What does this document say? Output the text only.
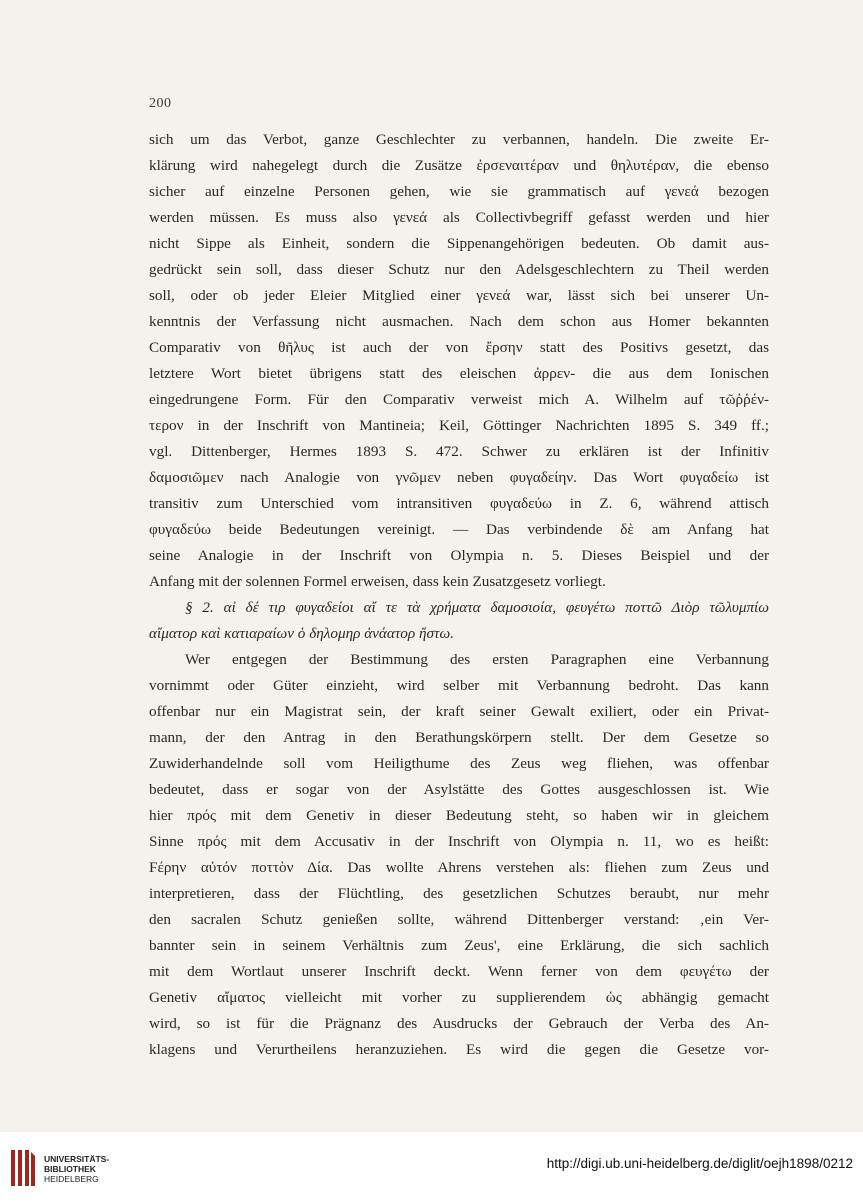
200
sich um das Verbot, ganze Geschlechter zu verbannen, handeln. Die zweite Er-
klärung wird nahegelegt durch die Zusätze ἐρσεναιτέραν und θηλυτέραν, die ebenso
sicher auf einzelne Personen gehen, wie sie grammatisch auf γενεά bezogen
werden müssen. Es muss also γενεά als Collectivbegriff gefasst werden und hier
nicht Sippe als Einheit, sondern die Sippenangehörigen bedeuten. Ob damit aus-
gedrückt sein soll, dass dieser Schutz nur den Adelsgeschlechtern zu Theil werden
soll, oder ob jeder Eleier Mitglied einer γενεά war, lässt sich bei unserer Un-
kenntnis der Verfassung nicht ausmachen. Nach dem schon aus Homer bekannten
Comparativ von θῆλυς ist auch der von ἔρσην statt des Positivs gesetzt, das
letztere Wort bietet übrigens statt des eleischen ἀρρεν- die aus dem Ionischen
eingedrungene Form. Für den Comparativ verweist mich A. Wilhelm auf τῶῤῥέν-
τερον in der Inschrift von Mantineia; Keil, Göttinger Nachrichten 1895 S. 349 ff.;
vgl. Dittenberger, Hermes 1893 S. 472. Schwer zu erklären ist der Infinitiv
δαμοσιῶμεν nach Analogie von γνῶμεν neben φυγαδείην. Das Wort φυγαδείω ist
transitiv zum Unterschied vom intransitiven φυγαδεύω in Z. 6, während attisch
φυγαδεύω beide Bedeutungen vereinigt. — Das verbindende δὲ am Anfang hat
seine Analogie in der Inschrift von Olympia n. 5. Dieses Beispiel und der
Anfang mit der solennen Formel erweisen, dass kein Zusatzgesetz vorliegt.
§ 2. αἰ δέ τιρ φυγαδείοι αἴ τε τὰ χρήματα δαμοσιοία, φευγέτω ποττῶ Διὸρ τῶλυμπίω
αἴματορ καὶ κατιαραίων ὁ δηλομηρ ἀνάατορ ἤστω.
Wer entgegen der Bestimmung des ersten Paragraphen eine Verbannung
vornimmt oder Güter einzieht, wird selber mit Verbannung bedroht. Das kann
offenbar nur ein Magistrat sein, der kraft seiner Gewalt exiliert, oder ein Privat-
mann, der den Antrag in den Berathungskörpern stellt. Der dem Gesetze so
Zuwiderhandelnde soll vom Heiligthume des Zeus weg fliehen, was offenbar
bedeutet, dass er sogar von der Asylstätte des Gottes ausgeschlossen ist. Wie
hier πρός mit dem Genetiv in dieser Bedeutung steht, so haben wir in gleichem
Sinne πρός mit dem Accusativ in der Inschrift von Olympia n. 11, wo es heißt:
Ϝέρην αὐτόν ποττὸν Δία. Das wollte Ahrens verstehen als: fliehen zum Zeus und
interpretieren, dass der Flüchtling, des gesetzlichen Schutzes beraubt, nur mehr
den sacralen Schutz genießen sollte, während Dittenberger verstand: ‚ein Ver-
bannter sein in seinem Verhältnis zum Zeus', eine Erklärung, die sich sachlich
mit dem Wortlaut unserer Inschrift deckt. Wenn ferner von dem φευγέτω der
Genetiv αἴματος vielleicht mit vorher zu supplierendem ὡς abhängig gemacht
wird, so ist für die Prägnanz des Ausdrucks der Gebrauch der Verba des An-
klagens und Verurtheilens heranzuziehen. Es wird die gegen die Gesetze vor-
UNIVERSITÄTS-
BIBLIOTHEK
HEIDELBERG
http://digi.ub.uni-heidelberg.de/diglit/oejh1898/0212
